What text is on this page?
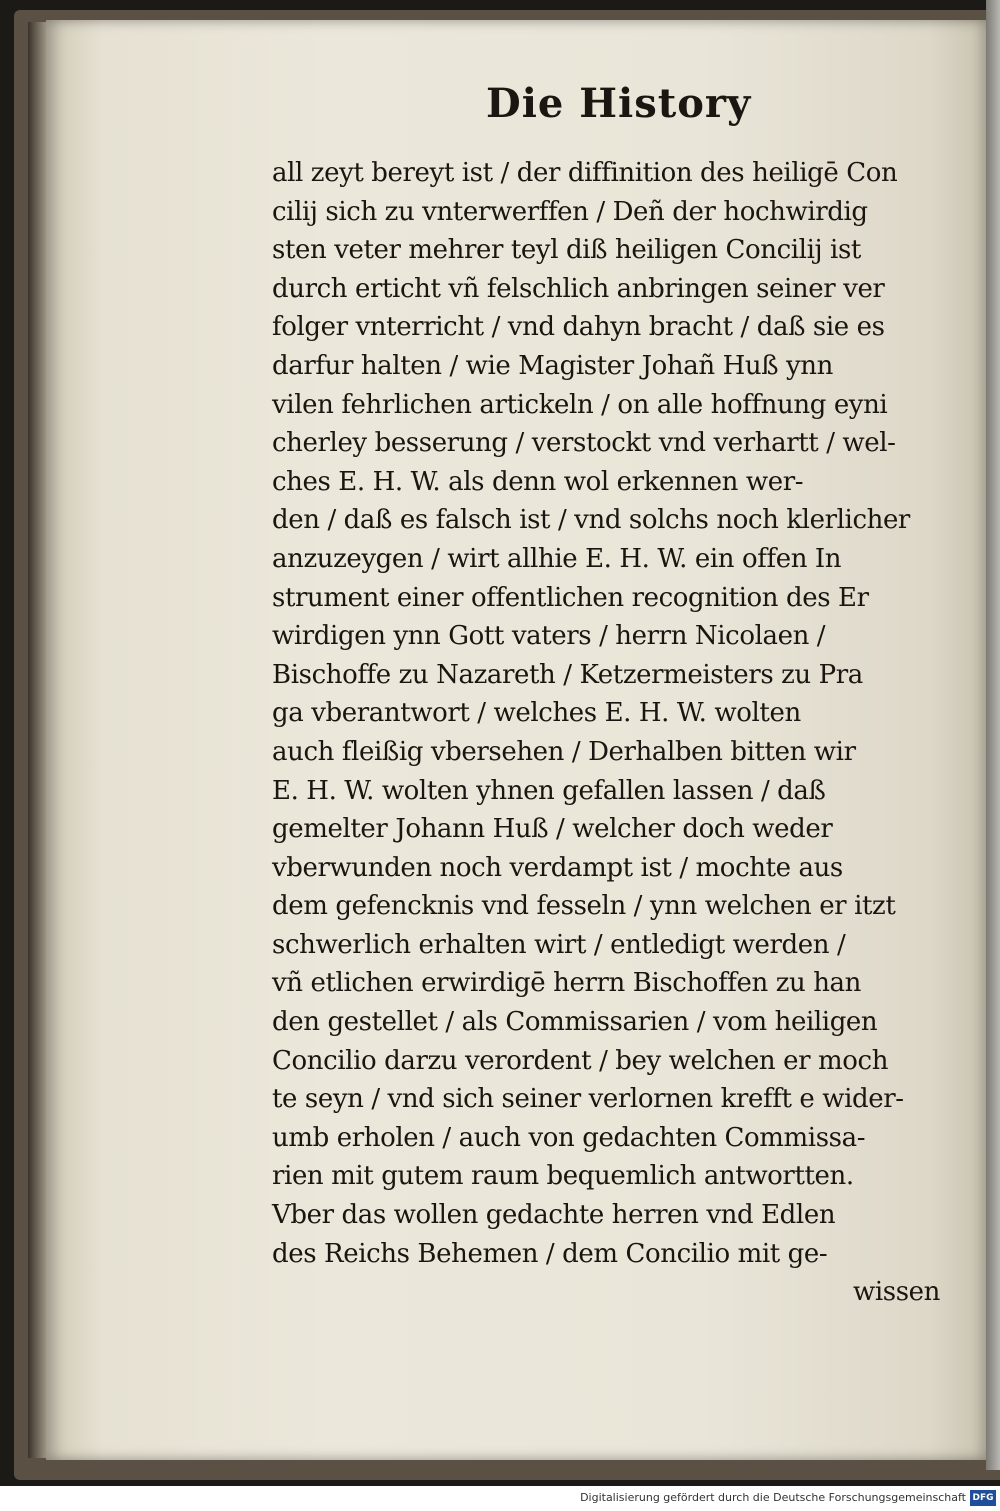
Die History
all zeyt bereyt ist / der diffinition des heiligē Con
cilij sich zu vnterwerffen / Deñ der hochwirdig
sten veter mehrer teyl diß heiligen Concilij ist
durch erticht vñ felschlich anbringen seiner ver
folger vnterricht / vnd dahyn bracht / daß sie es
darfur halten / wie Magister Johañ Huß ynn
vilen fehrlichen artickeln / on alle hoffnung eyni
cherley besserung / verstockt vnd verhartt / wel-
ches E. H. W. als denn wol erkennen wer-
den / daß es falsch ist / vnd solchs noch klerlicher
anzuzeygen / wirt allhie E. H. W. ein offen In
strument einer offentlichen recognition des Er
wirdigen ynn Gott vaters / herrn Nicolaen /
Bischoffe zu Nazareth / Ketzermeisters zu Pra
ga vberantwort / welches E. H. W. wolten
auch fleißig vbersehen / Derhalben bitten wir
E. H. W. wolten yhnen gefallen lassen / daß
gemelter Johann Huß / welcher doch weder
vberwunden noch verdampt ist / mochte aus
dem gefencknis vnd fesseln / ynn welchen er itzt
schwerlich erhalten wirt / entledigt werden /
vñ etlichen erwirdigē herrn Bischoffen zu han
den gestellet / als Commissarien / vom heiligen
Concilio darzu verordent / bey welchen er moch
te seyn / vnd sich seiner verlornen krefft e wider-
umb erholen / auch von gedachten Commissa-
rien mit gutem raum bequemlich antwortten.
Vber das wollen gedachte herren vnd Edlen
des Reichs Behemen / dem Concilio mit ge-
wissen
Digitalisierung gefördert durch die Deutsche Forschungsgemeinschaft DFG
